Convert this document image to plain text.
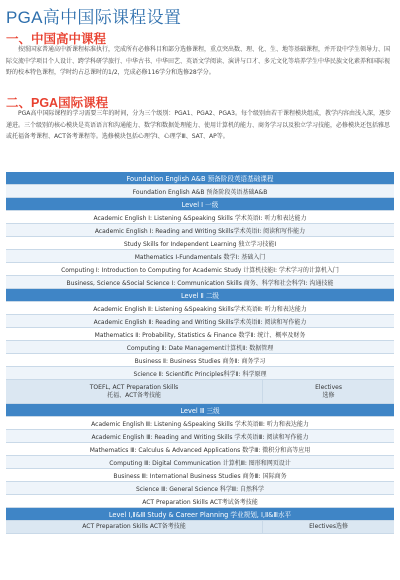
PGA高中国际课程设置
一、中国高中课程
按照国家普通高中新课程标准执行，完成所有必修科目和部分选修课程，重点突出数、理、化、生、地等基础课程，并开设中学生领导力、国际交流中学项目个人设计、跨学科研学旅行、中华古书、中华田艺、英语文学阅读、演讲与口才、多元文化等培养学生中华民族文化素养和国际视野的校本特色课程，学时约占总课时的1/2，完成必修116学分和选修28学分。
二、PGA国际课程
PGA高中国际课程的学习需要三年的时间，分为三个级别：PGA1、PGA2、PGA3。每个级别由若干课程模块组成，教学内容由浅入深，逐步递进。三个级别的核心模块是英语语言和沟通能力、数学和数据处理能力、使用计算机的能力、商务学习以及独立学习技能，必修模块还包括雅思或托福备考课程、ACT备考课程等。选修模块包括心理学Ⅰ、心理学Ⅲ、SAT、AP等。
Foundation English A&B 预备阶段英语基础课程
Foundation English A&B 预备阶段英语基础A&B
Level Ⅰ 一级
Academic English Ⅰ: Listening &Speaking Skills 学术英语Ⅰ: 听力和表达能力
Academic English Ⅰ: Reading and Writing Skills学术英语Ⅰ: 阅读和写作能力
Study Skills for Independent Learning 独立学习技能Ⅰ
Mathematics Ⅰ-Fundamentals 数学Ⅰ: 基础入门
Computing Ⅰ: Introduction to Computing for Academic Study 计算机技能Ⅰ: 学术学习的计算机入门
Business, Science &Social Science Ⅰ: Communication Skills 商务、科学和社会科学Ⅰ: 沟通技能
Level Ⅱ 二级
Academic English Ⅱ: Listening &Speaking Skills学术英语Ⅱ: 听力和表达能力
Academic English Ⅱ: Reading and Writing Skills学术英语Ⅱ: 阅读和写作能力
Mathematics Ⅱ: Probability, Statistics & Finance 数学Ⅱ: 统计、概率及财务
Computing Ⅱ: Date Management计算机Ⅱ: 数据管理
Business Ⅱ: Business Studies 商务Ⅱ: 商务学习
Science Ⅱ: Scientific Principles科学Ⅱ: 科学原理
TOEFL, ACT Preparation Skills
托福、ACT备考技能
Electives
选修
Level Ⅲ 三级
Academic English Ⅲ: Listening &Speaking Skills 学术英语Ⅲ: 听力和表达能力
Academic English Ⅲ: Reading and Writing Skills 学术英语Ⅲ: 阅读和写作能力
Mathematics Ⅲ: Calculus & Advanced Applications 数学Ⅲ: 微积分和高等应用
Computing Ⅲ: Digital Communication 计算机Ⅲ: 图形和网页设计
Business Ⅲ: International Business Studies 商务Ⅲ: 国际商务
Science Ⅲ: General Science 科学Ⅲ: 自然科学
ACT Preparation Skills ACT考试备考技能
Level Ⅰ,Ⅱ&Ⅲ Study & Career Planning 学业规划, Ⅰ,Ⅱ&Ⅲ水平
ACT Preparation Skills ACT备考技能	Electives选修
